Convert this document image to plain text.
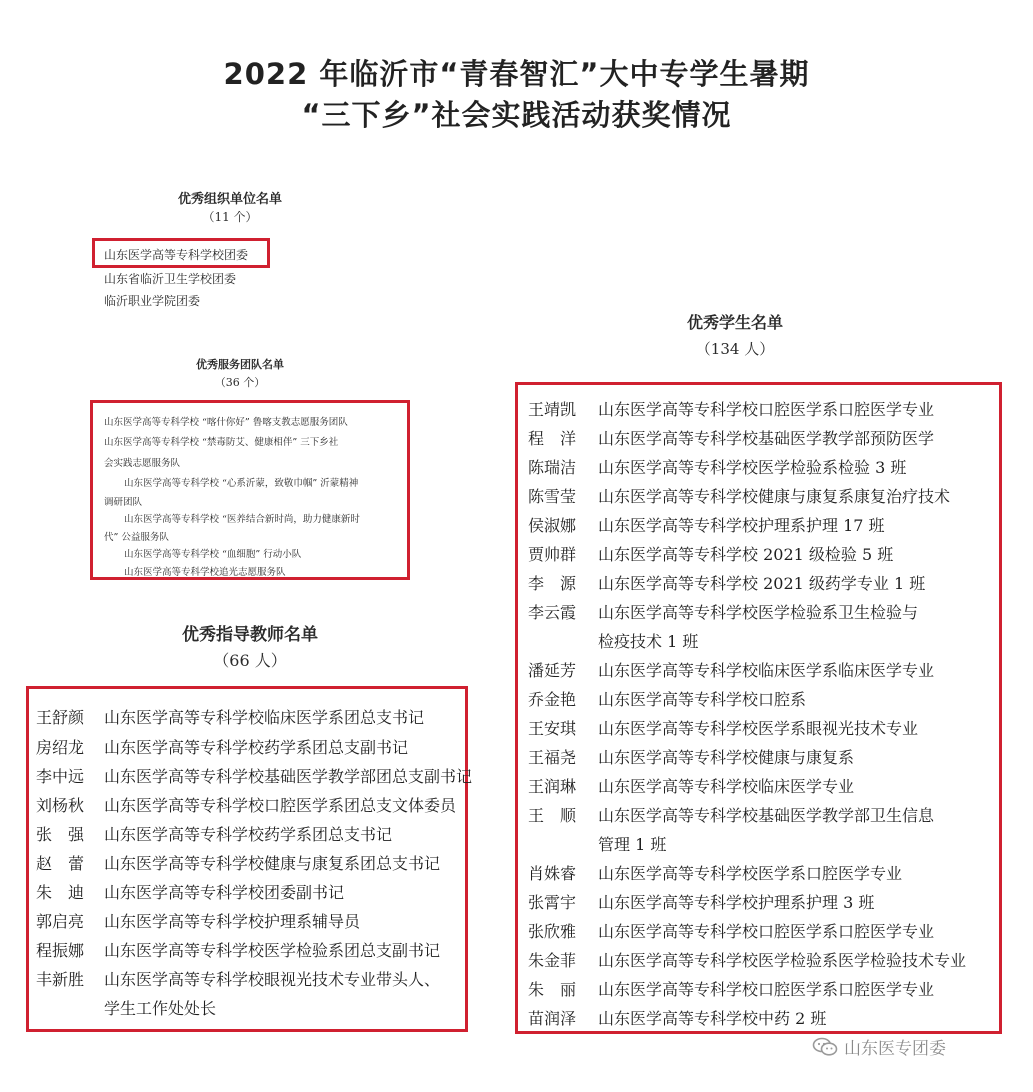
2022 年临沂市“青春智汇”大中专学生暑期
“三下乡”社会实践活动获奖情况
优秀组织单位名单
（11 个）
山东医学高等专科学校团委
山东省临沂卫生学校团委
临沂职业学院团委
优秀服务团队名单
（36 个）
山东医学高等专科学校 “喀什你好” 鲁喀支教志愿服务团队
山东医学高等专科学校 “禁毒防艾、健康相伴” 三下乡社
会实践志愿服务队
山东医学高等专科学校 “心系沂蒙，致敬巾帼” 沂蒙精神
调研团队
山东医学高等专科学校 “医养结合新时尚，助力健康新时
代” 公益服务队
山东医学高等专科学校 “血细胞” 行动小队
山东医学高等专科学校追光志愿服务队
优秀指导教师名单
（66 人）
王舒颜 山东医学高等专科学校临床医学系团总支书记
房绍龙 山东医学高等专科学校药学系团总支副书记
李中远 山东医学高等专科学校基础医学教学部团总支副书记
刘杨秋 山东医学高等专科学校口腔医学系团总支文体委员
张　强 山东医学高等专科学校药学系团总支书记
赵　蕾 山东医学高等专科学校健康与康复系团总支书记
朱　迪 山东医学高等专科学校团委副书记
郭启亮 山东医学高等专科学校护理系辅导员
程振娜 山东医学高等专科学校医学检验系团总支副书记
丰新胜 山东医学高等专科学校眼视光技术专业带头人、
学生工作处处长
优秀学生名单
（134 人）
王靖凯 山东医学高等专科学校口腔医学系口腔医学专业
程　洋 山东医学高等专科学校基础医学教学部预防医学
陈瑞洁 山东医学高等专科学校医学检验系检验 3 班
陈雪莹 山东医学高等专科学校健康与康复系康复治疗技术
侯淑娜 山东医学高等专科学校护理系护理 17 班
贾帅群 山东医学高等专科学校 2021 级检验 5 班
李　源 山东医学高等专科学校 2021 级药学专业 1 班
李云霞 山东医学高等专科学校医学检验系卫生检验与
检疫技术 1 班
潘延芳 山东医学高等专科学校临床医学系临床医学专业
乔金艳 山东医学高等专科学校口腔系
王安琪 山东医学高等专科学校医学系眼视光技术专业
王福尧 山东医学高等专科学校健康与康复系
王润琳 山东医学高等专科学校临床医学专业
王　顺 山东医学高等专科学校基础医学教学部卫生信息
管理 1 班
肖姝睿 山东医学高等专科学校医学系口腔医学专业
张霄宇 山东医学高等专科学校护理系护理 3 班
张欣雅 山东医学高等专科学校口腔医学系口腔医学专业
朱金菲 山东医学高等专科学校医学检验系医学检验技术专业
朱　丽 山东医学高等专科学校口腔医学系口腔医学专业
苗润泽 山东医学高等专科学校中药 2 班
山东医专团委
